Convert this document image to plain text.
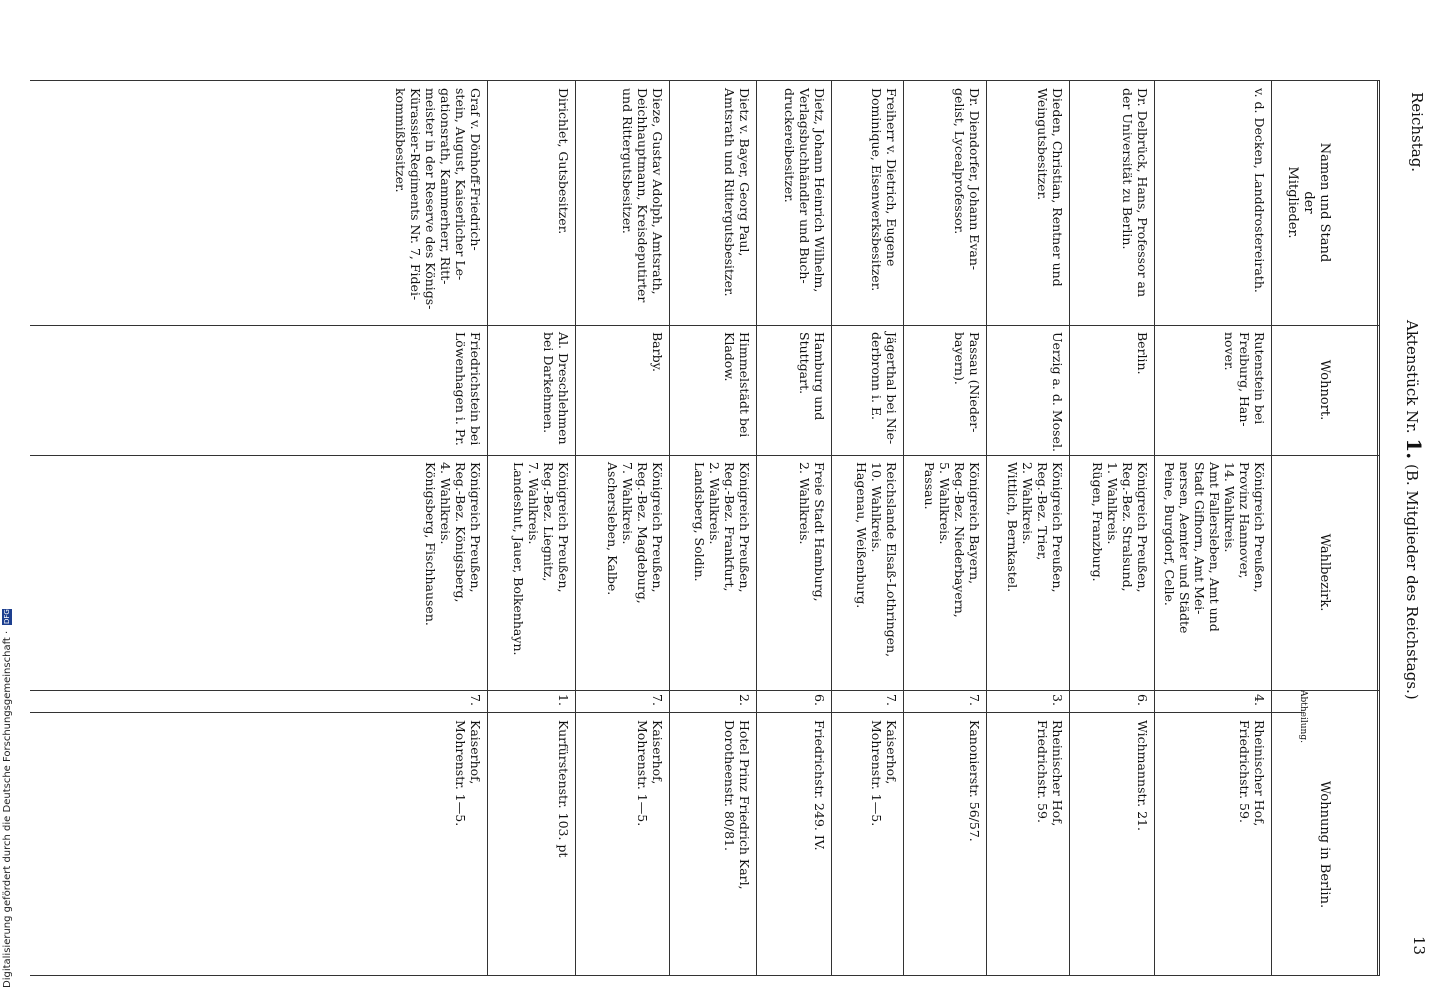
13
Reichstag.
Aktenstück Nr. 1. (B. Mitglieder des Reichstags.)
Namen und Stand
der
Mitglieder.
Wohnort.
Wahlbezirk.
Abtheilung.
Wohnung in Berlin.
v. d. Decken, Landdrostereirath.
Rutenstein bei
Freiburg, Han-
nover.
Königreich Preußen,
Provinz Hannover,
14. Wahlkreis.
Amt Fallersleben, Amt und
Stadt Gifhorn, Amt Mei-
nersen, Aemter und Städte
Peine, Burgdorf, Celle.
4.
Rheinischer Hof,
Friedrichstr. 59.
Dr. Delbrück, Hans, Professor an
der Universität zu Berlin.
Berlin.
Königreich Preußen,
Reg.-Bez. Stralsund,
1. Wahlkreis.
Rügen, Franzburg.
6.
Wichmannstr. 21.
Dieden, Christian, Rentner und
Weingutsbesitzer.
Uerzig a. d. Mosel.
Königreich Preußen,
Reg.-Bez. Trier,
2. Wahlkreis.
Wittlich, Bernkastel.
3.
Rheinischer Hof,
Friedrichstr. 59.
Dr. Diendorfer, Johann Evan-
gelist, Lycealprofessor.
Passau (Nieder-
bayern).
Königreich Bayern,
Reg.-Bez. Niederbayern,
5. Wahlkreis.
Passau.
7.
Kanonierstr. 56/57.
Freiherr v. Dietrich, Eugene
Dominique, Eisenwerksbesitzer.
Jägerthal bei Nie-
derbronn i. E.
Reichslande Elsaß-Lothringen,
10. Wahlkreis.
Hagenau, Weißenburg.
7.
Kaiserhof,
Mohrenstr. 1—5.
Dietz, Johann Heinrich Wilhelm,
Verlagsbuchhändler und Buch-
druckereibesitzer.
Hamburg und
Stuttgart.
Freie Stadt Hamburg,
2. Wahlkreis.
6.
Friedrichstr. 249. IV.
Dietz v. Bayer, Georg Paul,
Amtsrath und Rittergutsbesitzer.
Himmelstädt bei
Kladow.
Königreich Preußen,
Reg.-Bez. Frankfurt,
2. Wahlkreis.
Landsberg, Soldin.
2.
Hotel Prinz Friedrich Karl,
Dorotheenstr. 80/81.
Dieze, Gustav Adolph, Amtsrath,
Deichhauptmann, Kreisdeputirter
und Rittergutsbesitzer.
Barby.
Königreich Preußen,
Reg.-Bez. Magdeburg,
7. Wahlkreis.
Aschersleben, Kalbe.
7.
Kaiserhof,
Mohrenstr. 1—5.
Dirichlet, Gutsbesitzer.
Al. Dreschlehmen
bei Darkehmen.
Königreich Preußen,
Reg.-Bez. Liegnitz,
7. Wahlkreis.
Landeshut, Jauer, Bolkenhayn.
1.
Kurfürstenstr. 103. pt
Graf v. Dönhoff-Friedrich-
stein, August, Kaiserlicher Le-
gationsrath, Kammerherr, Ritt-
meister in der Reserve des Königs-
Kürassier-Regiments Nr. 7, Fidei-
kommißbesitzer.
Friedrichstein bei
Löwenhagen i. Pr.
Königreich Preußen,
Reg.-Bez. Königsberg,
4. Wahlkreis.
Königsberg, Fischhausen.
7.
Kaiserhof,
Mohrenstr. 1—5.
Digitalisierung gefördert durch die Deutsche Forschungsgemeinschaft · DFG
